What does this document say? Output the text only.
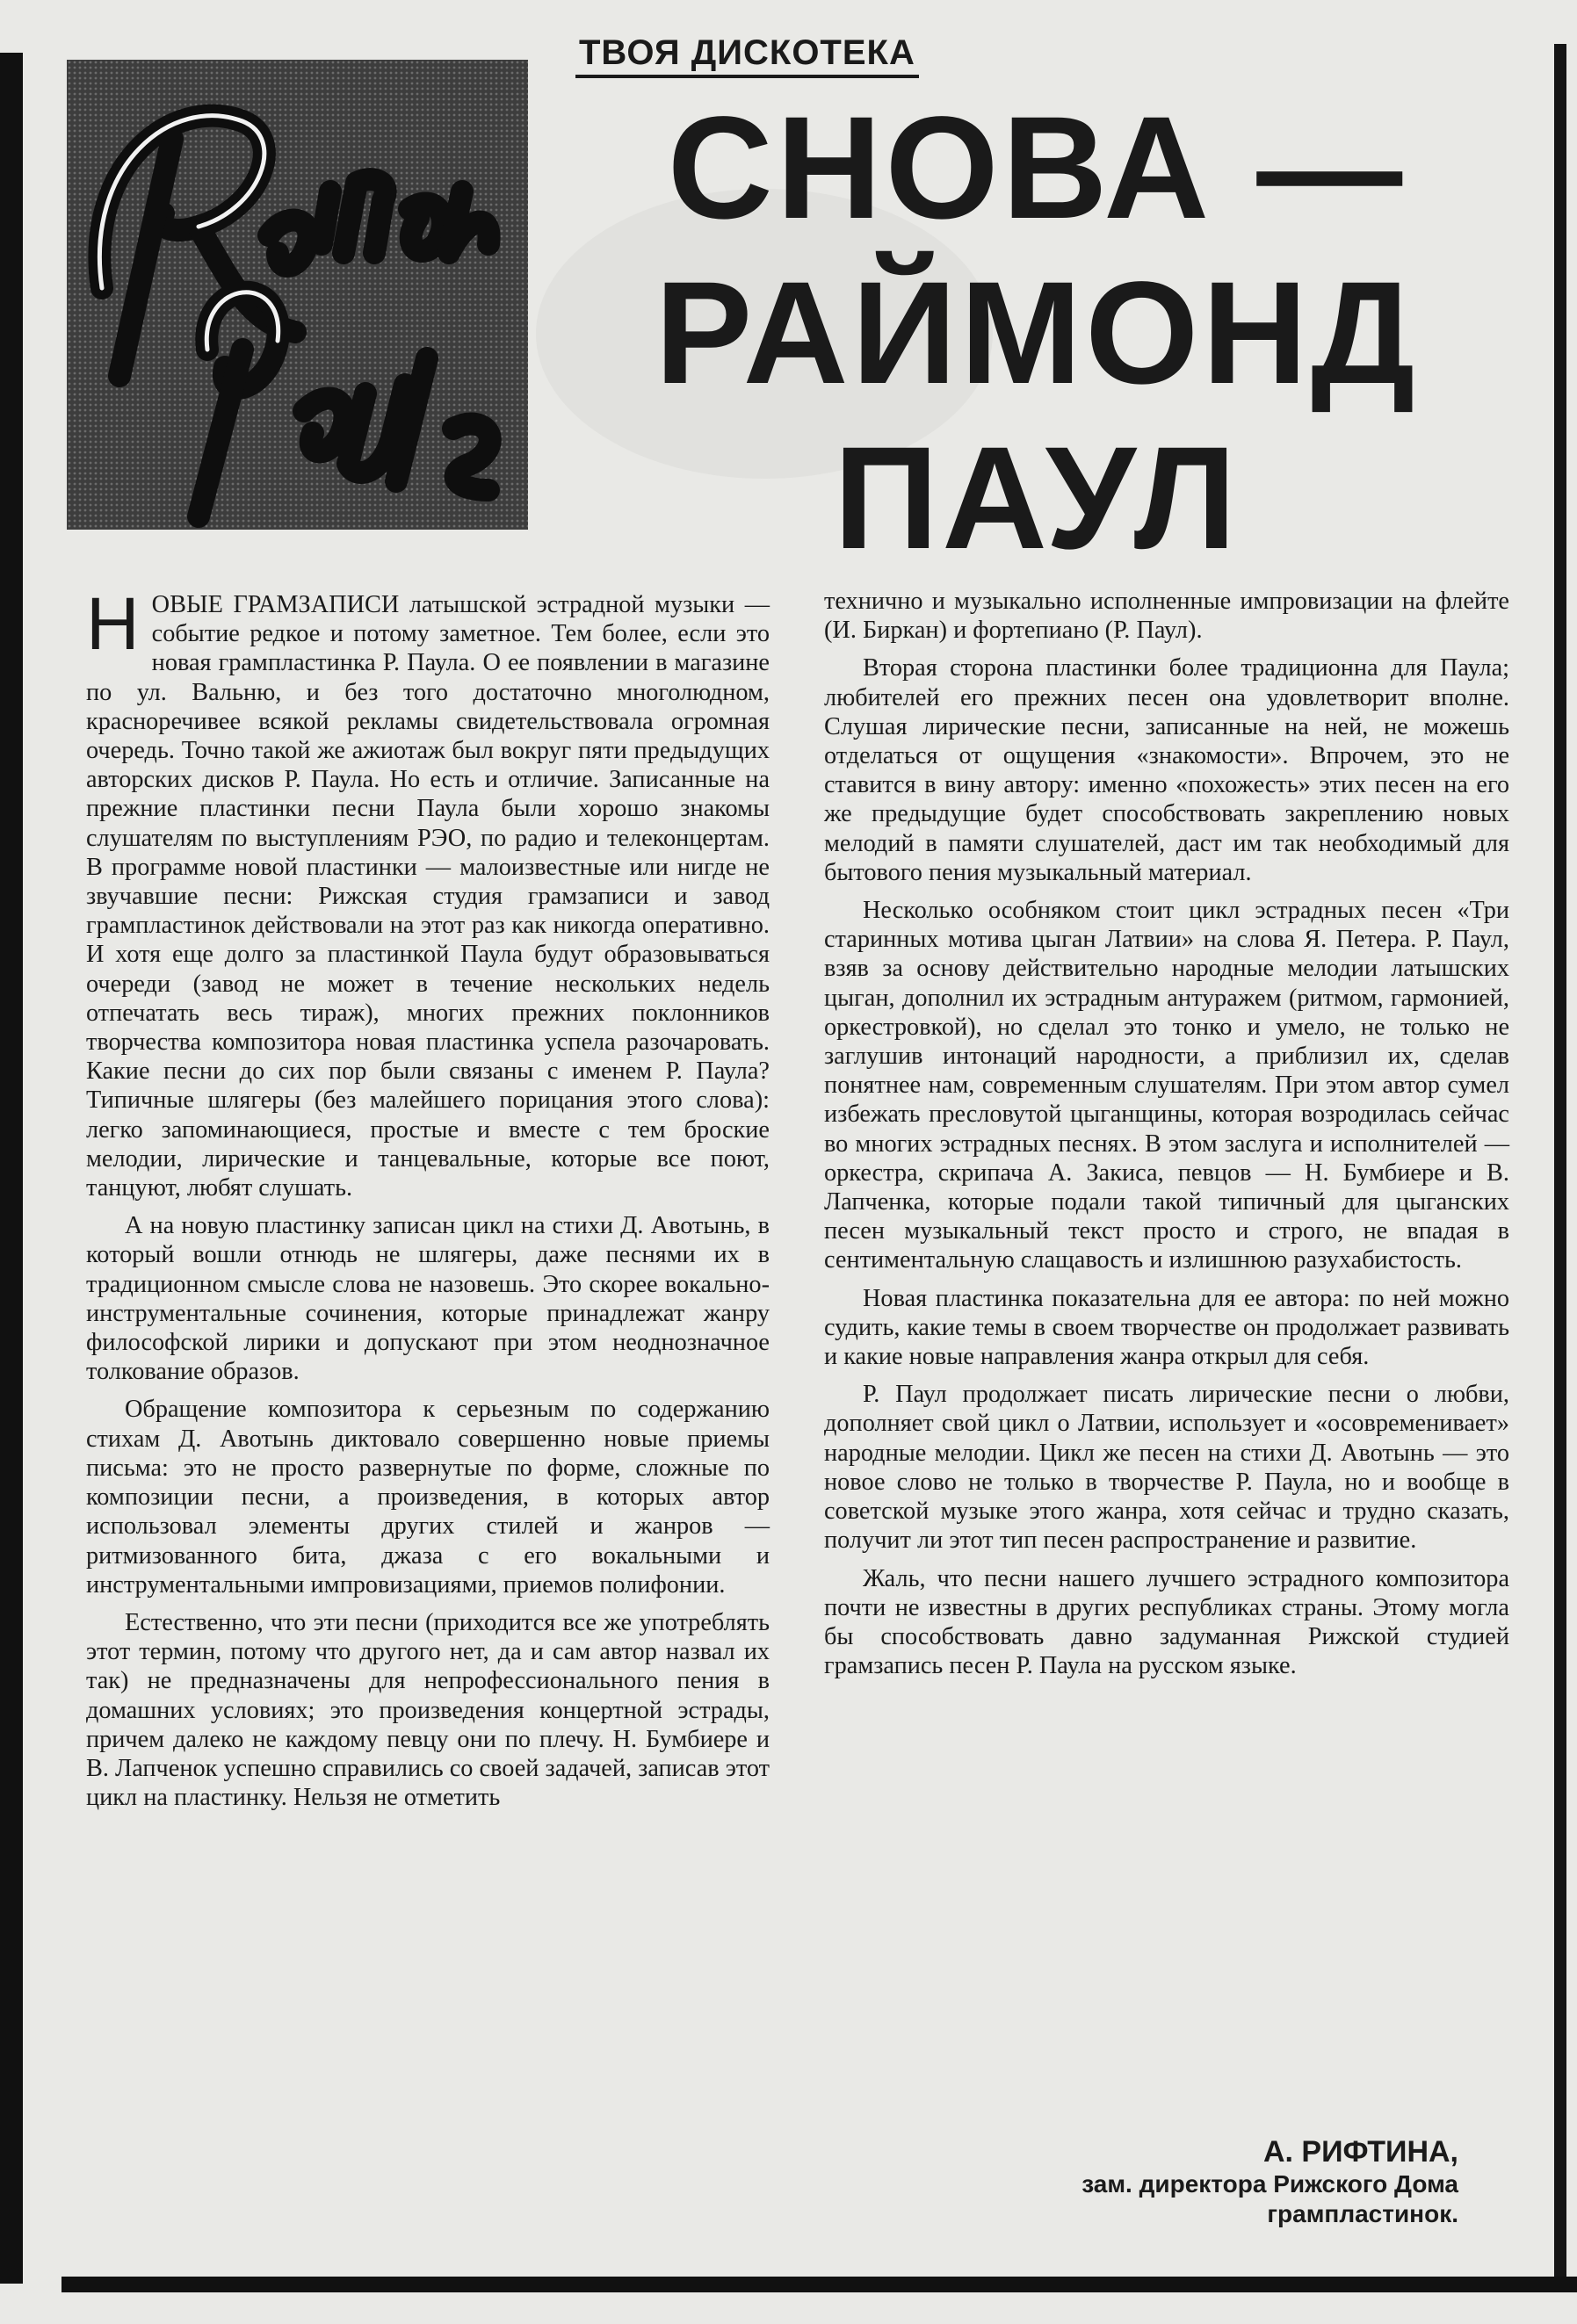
ТВОЯ ДИСКОТЕКА
СНОВА —
РАЙМОНД
ПАУЛ

НОВЫЕ ГРАМЗАПИСИ латышской эстрадной музыки — событие редкое и потому заметное. Тем более, если это новая грампластинка Р. Паула. О ее появлении в магазине по ул. Вальню, и без того достаточно многолюдном, красноречивее всякой рекламы свидетельствовала огромная очередь. Точно такой же ажиотаж был вокруг пяти предыдущих авторских дисков Р. Паула. Но есть и отличие. Записанные на прежние пластинки песни Паула были хорошо знакомы слушателям по выступлениям РЭО, по радио и телеконцертам. В программе новой пластинки — малоизвестные или нигде не звучавшие песни: Рижская студия грамзаписи и завод грампластинок действовали на этот раз как никогда оперативно. И хотя еще долго за пластинкой Паула будут образовываться очереди (завод не может в течение нескольких недель отпечатать весь тираж), многих прежних поклонников творчества композитора новая пластинка успела разочаровать. Какие песни до сих пор были связаны с именем Р. Паула? Типичные шлягеры (без малейшего порицания этого слова): легко запоминающиеся, простые и вместе с тем броские мелодии, лирические и танцевальные, которые все поют, танцуют, любят слушать.

А на новую пластинку записан цикл на стихи Д. Авотынь, в который вошли отнюдь не шлягеры, даже песнями их в традиционном смысле слова не назовешь. Это скорее вокально-инструментальные сочинения, которые принадлежат жанру философской лирики и допускают при этом неоднозначное толкование образов.

Обращение композитора к серьезным по содержанию стихам Д. Авотынь диктовало совершенно новые приемы письма: это не просто развернутые по форме, сложные по композиции песни, а произведения, в которых автор использовал элементы других стилей и жанров — ритмизованного бита, джаза с его вокальными и инструментальными импровизациями, приемов полифонии.

Естественно, что эти песни (приходится все же употреблять этот термин, потому что другого нет, да и сам автор назвал их так) не предназначены для непрофессионального пения в домашних условиях; это произведения концертной эстрады, причем далеко не каждому певцу они по плечу. Н. Бумбиере и В. Лапченок успешно справились со своей задачей, записав этот цикл на пластинку. Нельзя не отметить

технично и музыкально исполненные импровизации на флейте (И. Биркан) и фортепиано (Р. Паул).

Вторая сторона пластинки более традиционна для Паула; любителей его прежних песен она удовлетворит вполне. Слушая лирические песни, записанные на ней, не можешь отделаться от ощущения «знакомости». Впрочем, это не ставится в вину автору: именно «похожесть» этих песен на его же предыдущие будет способствовать закреплению новых мелодий в памяти слушателей, даст им так необходимый для бытового пения музыкальный материал.

Несколько особняком стоит цикл эстрадных песен «Три старинных мотива цыган Латвии» на слова Я. Петера. Р. Паул, взяв за основу действительно народные мелодии латышских цыган, дополнил их эстрадным антуражем (ритмом, гармонией, оркестровкой), но сделал это тонко и умело, не только не заглушив интонаций народности, а приблизил их, сделав понятнее нам, современным слушателям. При этом автор сумел избежать пресловутой цыганщины, которая возродилась сейчас во многих эстрадных песнях. В этом заслуга и исполнителей — оркестра, скрипача А. Закиса, певцов — Н. Бумбиере и В. Лапченка, которые подали такой типичный для цыганских песен музыкальный текст просто и строго, не впадая в сентиментальную слащавость и излишнюю разухабистость.

Новая пластинка показательна для ее автора: по ней можно судить, какие темы в своем творчестве он продолжает развивать и какие новые направления жанра открыл для себя.

Р. Паул продолжает писать лирические песни о любви, дополняет свой цикл о Латвии, использует и «осовременивает» народные мелодии. Цикл же песен на стихи Д. Авотынь — это новое слово не только в творчестве Р. Паула, но и вообще в советской музыке этого жанра, хотя сейчас и трудно сказать, получит ли этот тип песен распространение и развитие.

Жаль, что песни нашего лучшего эстрадного композитора почти не известны в других республиках страны. Этому могла бы способствовать давно задуманная Рижской студией грамзапись песен Р. Паула на русском языке.

А. РИФТИНА,
зам. директора Рижского Дома
грампластинок.
